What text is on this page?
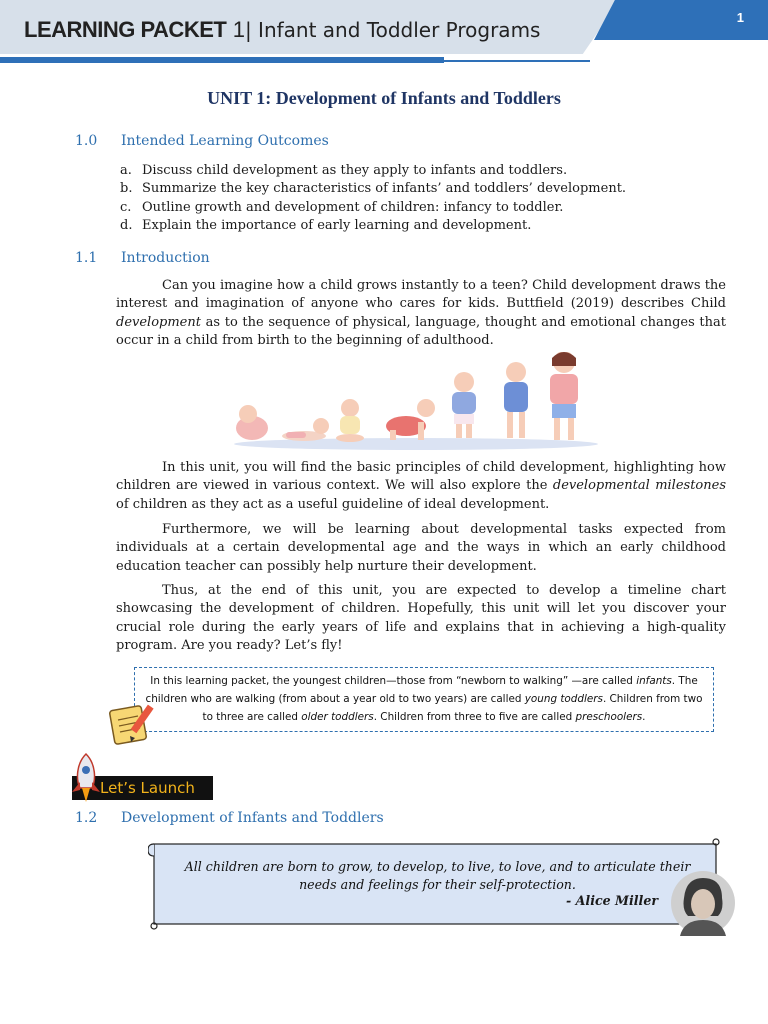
LEARNING PACKET 1| Infant and Toddler Programs
1
UNIT 1: Development of Infants and Toddlers
1.0 Intended Learning Outcomes
a. Discuss child development as they apply to infants and toddlers.
b. Summarize the key characteristics of infants’ and toddlers’ development.
c. Outline growth and development of children: infancy to toddler.
d. Explain the importance of early learning and development.
1.1 Introduction
Can you imagine how a child grows instantly to a teen? Child development draws the interest and imagination of anyone who cares for kids. Buttfield (2019) describes Child development as to the sequence of physical, language, thought and emotional changes that occur in a child from birth to the beginning of adulthood.
In this unit, you will find the basic principles of child development, highlighting how children are viewed in various context. We will also explore the developmental milestones of children as they act as a useful guideline of ideal development.
Furthermore, we will be learning about developmental tasks expected from individuals at a certain developmental age and the ways in which an early childhood education teacher can possibly help nurture their development.
Thus, at the end of this unit, you are expected to develop a timeline chart showcasing the development of children. Hopefully, this unit will let you discover your crucial role during the early years of life and explains that in achieving a high-quality program. Are you ready? Let’s fly!

In this learning packet, the youngest children—those from “newborn to walking” —are called infants. The children who are walking (from about a year old to two years) are called young toddlers. Children from two to three are called older toddlers. Children from three to five are called preschoolers.

Let’s Launch
1.2 Development of Infants and Toddlers
All children are born to grow, to develop, to live, to love, and to articulate their needs and feelings for their self-protection.
- Alice Miller
